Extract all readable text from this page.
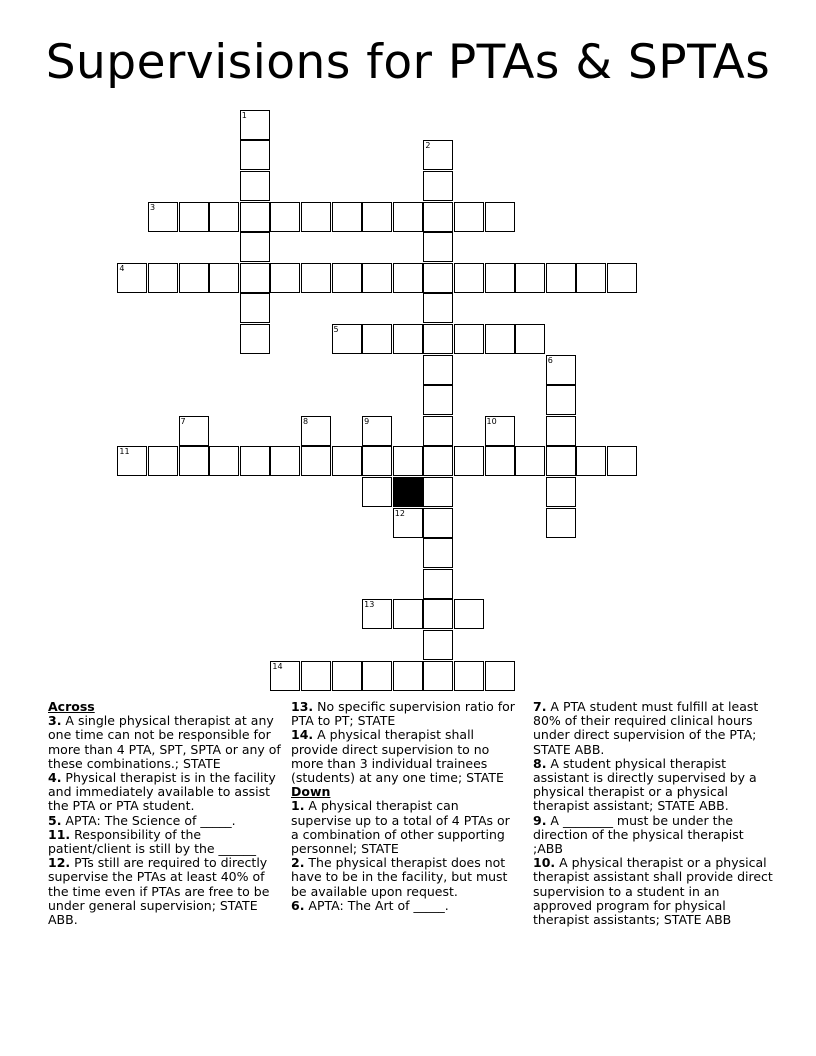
Supervisions for PTAs & SPTAs
1
2
3
4
5
6
7	8	9	10
11
12
13
14
Across
3. A single physical therapist at any one time can not be responsible for more than 4 PTA, SPT, SPTA or any of these combinations.; STATE
4. Physical therapist is in the facility and immediately available to assist the PTA or PTA student.
5. APTA: The Science of _____.
11. Responsibility of the patient/client is still by the ______
12. PTs still are required to directly supervise the PTAs at least 40% of the time even if PTAs are free to be under general supervision; STATE ABB.
13. No specific supervision ratio for PTA to PT; STATE
14. A physical therapist shall provide direct supervision to no more than 3 individual trainees (students) at any one time; STATE
Down
1. A physical therapist can supervise up to a total of 4 PTAs or a combination of other supporting personnel; STATE
2. The physical therapist does not have to be in the facility, but must be available upon request.
6. APTA: The Art of _____.
7. A PTA student must fulfill at least 80% of their required clinical hours under direct supervision of the PTA; STATE ABB.
8. A student physical therapist assistant is directly supervised by a physical therapist or a physical therapist assistant; STATE ABB.
9. A ________ must be under the direction of the physical therapist ;ABB
10. A physical therapist or a physical therapist assistant shall provide direct supervision to a student in an approved program for physical therapist assistants; STATE ABB
